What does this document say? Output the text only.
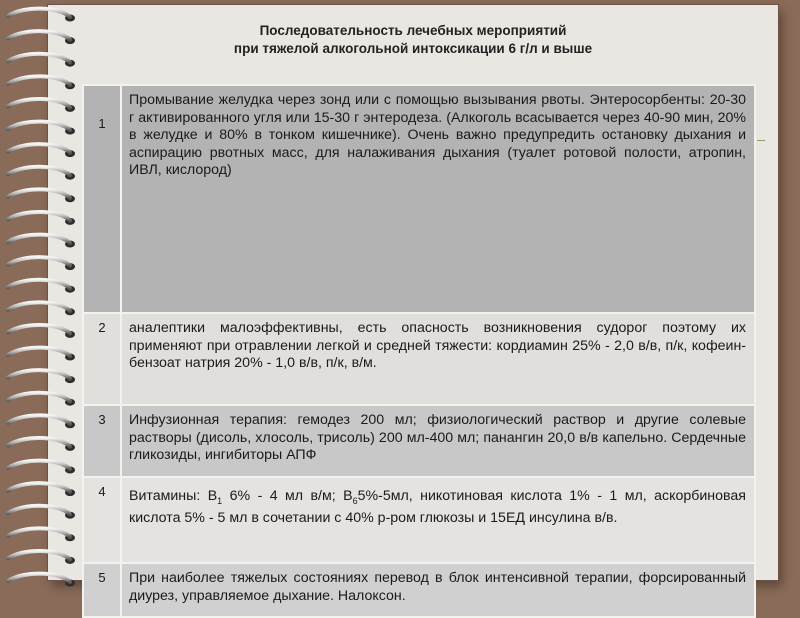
Последовательность лечебных мероприятий
при тяжелой алкогольной интоксикации 6 г/л и выше
1	Промывание желудка через зонд или с помощью вызывания рвоты. Энтеросорбенты: 20-30 г активированного угля или 15-30 г энтеродеза. (Алкоголь всасывается через 40-90 мин, 20% в желудке и 80% в тонком кишечнике). Очень важно предупредить остановку дыхания и аспирацию рвотных масс, для налаживания дыхания (туалет ротовой полости, атропин, ИВЛ, кислород)
2	аналептики малоэффективны, есть опасность возникновения судорог поэтому их применяют при отравлении легкой и средней тяжести: кордиамин 25% - 2,0 в/в, п/к, кофеин-бензоат натрия 20% - 1,0 в/в, п/к, в/м.
3	Инфузионная терапия: гемодез 200 мл; физиологический раствор и другие солевые растворы (дисоль, хлосоль, трисоль) 200 мл-400 мл; панангин 20,0 в/в капельно. Сердечные гликозиды, ингибиторы АПФ
4	Витамины: $В_1$ 6% - 4 мл в/м; $В_65\%-5мл$, никотиновая кислота 1% - 1 мл, аскорбиновая кислота 5% - 5 мл в сочетании с 40% р-ром глюкозы и 15ЕД инсулина в/в.
5	При наиболее тяжелых состояниях перевод в блок интенсивной терапии, форсированный диурез, управляемое дыхание. Налоксон.
